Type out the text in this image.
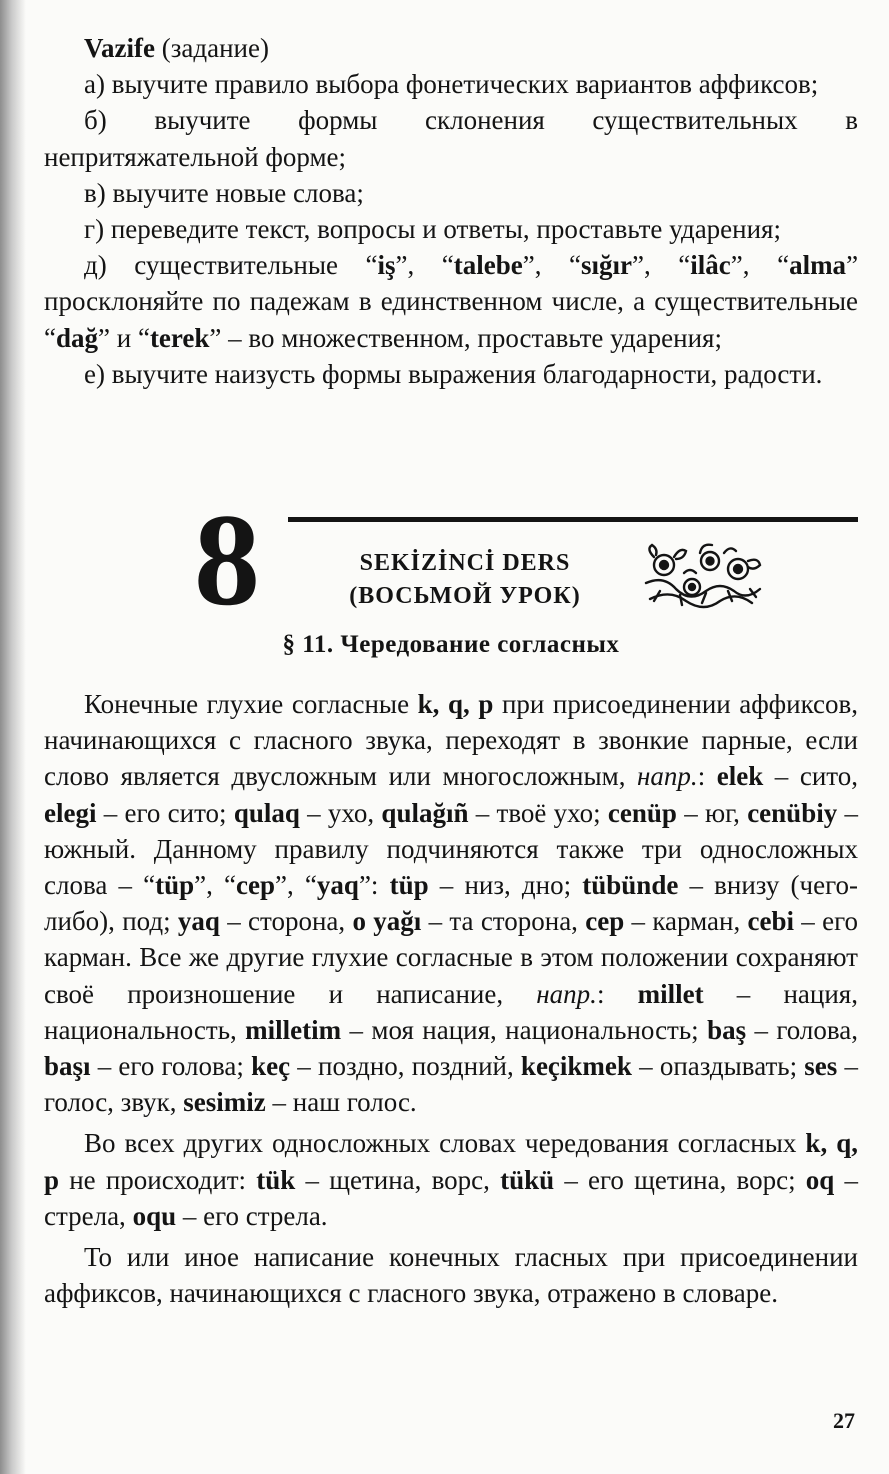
Vazife (задание)

а) выучите правило выбора фонетических вариантов аффиксов;

б) выучите формы склонения существительных в непритяжательной форме;

в) выучите новые слова;

г) переведите текст, вопросы и ответы, проставьте ударения;

д) существительные “iş”, “talebe”, “sığır”, “ilâc”, “alma” просклоняйте по падежам в единственном числе, а существительные “dağ” и “terek” – во множественном, проставьте ударения;

е) выучите наизусть формы выражения благодарности, радости.

8	SEKİZİNCİ DERS
(ВОСЬМОЙ УРОК)
§ 11. Чередование согласных

Конечные глухие согласные k, q, p при присоединении аффиксов, начинающихся с гласного звука, переходят в звонкие парные, если слово является двусложным или многосложным, напр.: elek – сито, elegi – его сито; qulaq – ухо, qulağıñ – твоё ухо; cenüp – юг, cenübiy – южный. Данному правилу подчиняются также три односложных слова – “tüp”, “cep”, “yaq”: tüp – низ, дно; tübünde – внизу (чего-либо), под; yaq – сторона, o yağı – та сторона, cep – карман, cebi – его карман. Все же другие глухие согласные в этом положении сохраняют своё произношение и написание, напр.: millet – нация, национальность, milletim – моя нация, национальность; baş – голова, başı – его голова; keç – поздно, поздний, keçikmek – опаздывать; ses – голос, звук, sesimiz – наш голос.

Во всех других односложных словах чередования согласных k, q, p не происходит: tük – щетина, ворс, tükü – его щетина, ворс; oq – стрела, oqu – его стрела.

То или иное написание конечных гласных при присоединении аффиксов, начинающихся с гласного звука, отражено в словаре.

27
